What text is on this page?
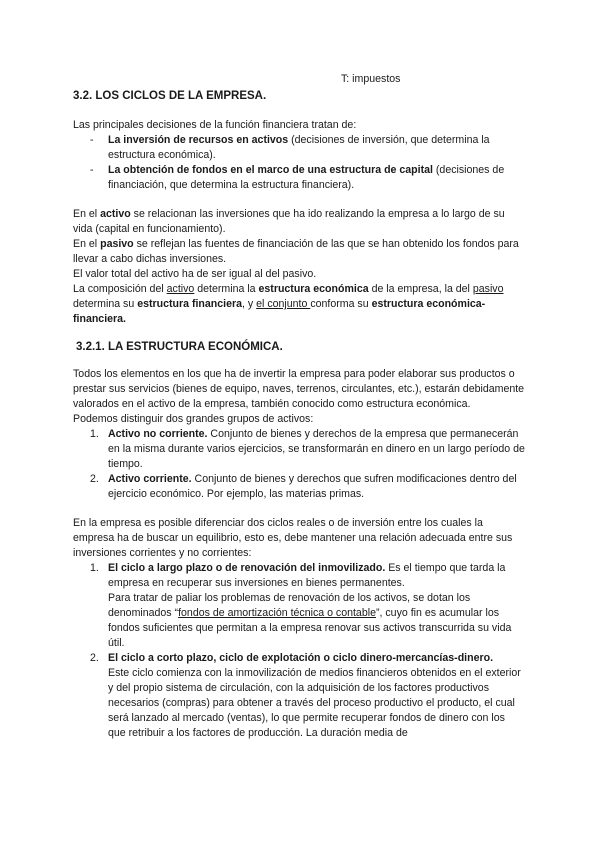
T: impuestos
3.2. LOS CICLOS DE LA EMPRESA.

Las principales decisiones de la función financiera tratan de:

- La inversión de recursos en activos (decisiones de inversión, que determina la estructura económica).
- La obtención de fondos en el marco de una estructura de capital (decisiones de financiación, que determina la estructura financiera).

En el activo se relacionan las inversiones que ha ido realizando la empresa a lo largo de su vida (capital en funcionamiento).

En el pasivo se reflejan las fuentes de financiación de las que se han obtenido los fondos para llevar a cabo dichas inversiones.

El valor total del activo ha de ser igual al del pasivo.

La composición del activo determina la estructura económica de la empresa, la del pasivo determina su estructura financiera, y el conjunto conforma su estructura económica-financiera.

3.2.1. LA ESTRUCTURA ECONÓMICA.

Todos los elementos en los que ha de invertir la empresa para poder elaborar sus productos o prestar sus servicios (bienes de equipo, naves, terrenos, circulantes, etc.), estarán debidamente valorados en el activo de la empresa, también conocido como estructura económica.

Podemos distinguir dos grandes grupos de activos:

1. Activo no corriente. Conjunto de bienes y derechos de la empresa que permanecerán en la misma durante varios ejercicios, se transformarán en dinero en un largo período de tiempo.
2. Activo corriente. Conjunto de bienes y derechos que sufren modificaciones dentro del ejercicio económico. Por ejemplo, las materias primas.

En la empresa es posible diferenciar dos ciclos reales o de inversión entre los cuales la empresa ha de buscar un equilibrio, esto es, debe mantener una relación adecuada entre sus inversiones corrientes y no corrientes:

1. El ciclo a largo plazo o de renovación del inmovilizado. Es el tiempo que tarda la empresa en recuperar sus inversiones en bienes permanentes.
Para tratar de paliar los problemas de renovación de los activos, se dotan los denominados “fondos de amortización técnica o contable”, cuyo fin es acumular los fondos suficientes que permitan a la empresa renovar sus activos transcurrida su vida útil.
2. El ciclo a corto plazo, ciclo de explotación o ciclo dinero-mercancías-dinero.
Este ciclo comienza con la inmovilización de medios financieros obtenidos en el exterior y del propio sistema de circulación, con la adquisición de los factores productivos necesarios (compras) para obtener a través del proceso productivo el producto, el cual será lanzado al mercado (ventas), lo que permite recuperar fondos de dinero con los que retribuir a los factores de producción. La duración media de
